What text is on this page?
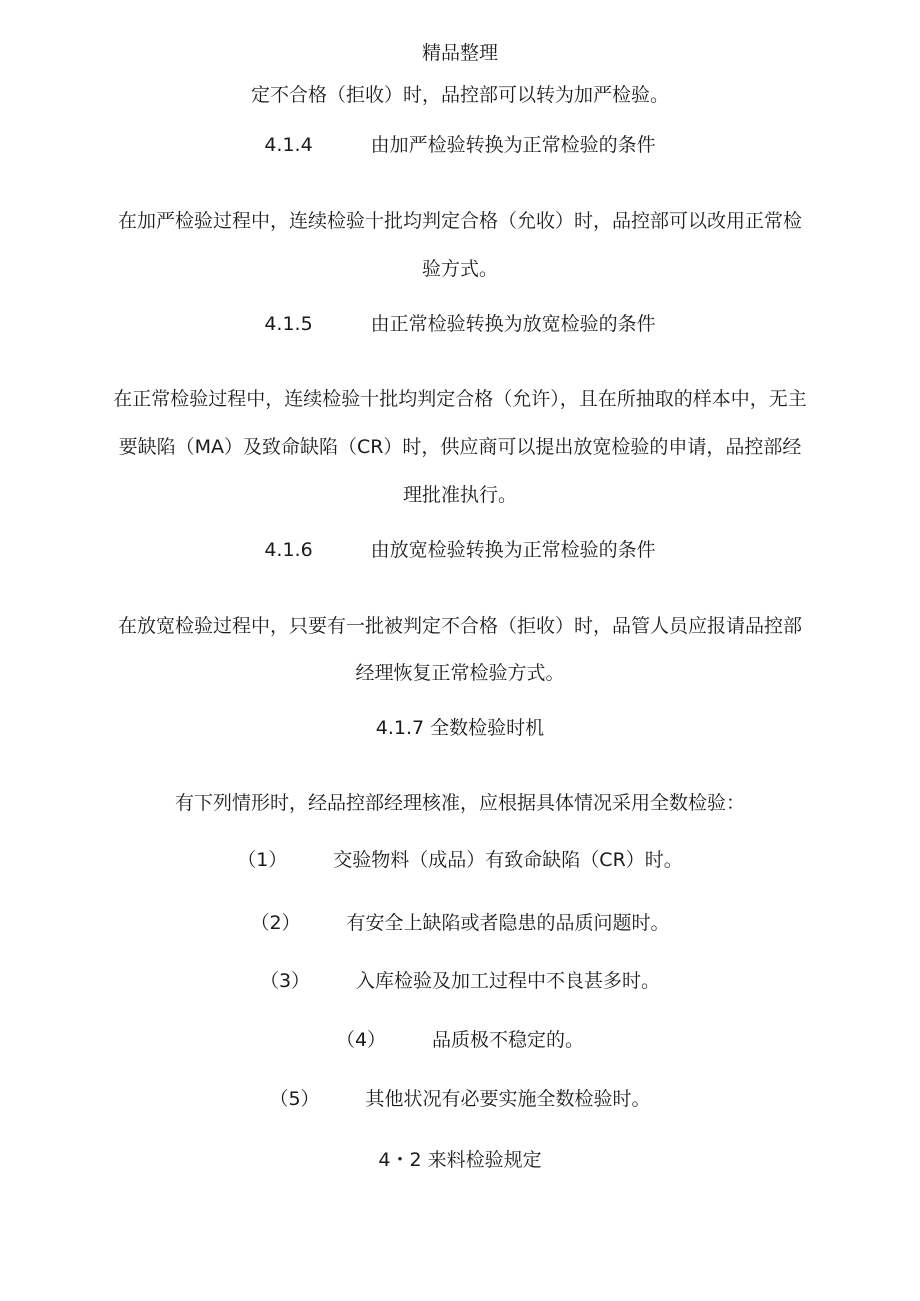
精品整理
定不合格（拒收）时，品控部可以转为加严检验。
4.1.4	由加严检验转换为正常检验的条件
在加严检验过程中，连续检验十批均判定合格（允收）时，品控部可以改用正常检
验方式。
4.1.5	由正常检验转换为放宽检验的条件
在正常检验过程中，连续检验十批均判定合格（允许），且在所抽取的样本中，无主
要缺陷（MA）及致命缺陷（CR）时，供应商可以提出放宽检验的申请，品控部经
理批准执行。
4.1.6	由放宽检验转换为正常检验的条件
在放宽检验过程中，只要有一批被判定不合格（拒收）时，品管人员应报请品控部
经理恢复正常检验方式。
4.1.7 全数检验时机
有下列情形时，经品控部经理核准，应根据具体情况采用全数检验：
（1） 交验物料（成品）有致命缺陷（CR）时。
（2） 有安全上缺陷或者隐患的品质问题时。
（3） 入库检验及加工过程中不良甚多时。
（4） 品质极不稳定的。
（5） 其他状况有必要实施全数检验时。
4・2 来料检验规定
